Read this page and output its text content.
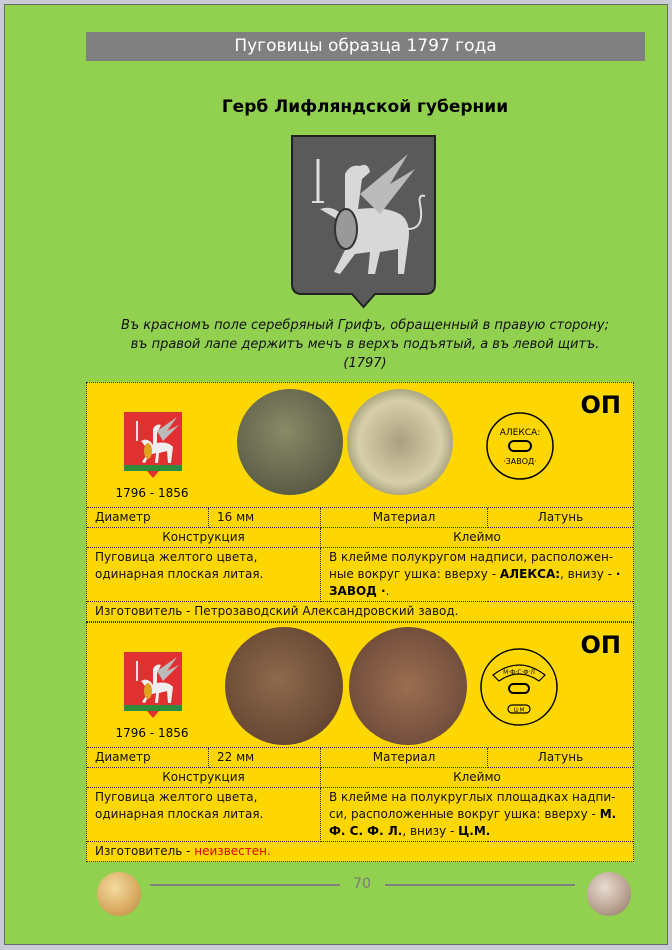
Пуговицы образца 1797 года
Герб Лифляндской губернии
Въ красномъ поле серебряный Грифъ, обращенный в правую сторону;
въ правой лапе держитъ мечъ в верхъ подъятый, а въ левой щитъ.
(1797)
1796 - 1856
АЛЕКСА:
·ЗАВОД·
ОП
Диаметр	16 мм	Материал	Латунь
Конструкция		Клеймо	
Пуговица желтого цвета, одинарная плоская литая.		В клейме полукругом надписи, расположен-ные вокруг ушка: вверху - АЛЕКСА:, внизу - · ЗАВОД ·.	
Изготовитель - Петрозаводский Александровский завод.			
1796 - 1856
М·Ф·С·Ф·Л
Ц·М
ОП
Диаметр	22 мм	Материал	Латунь
Конструкция		Клеймо	
Пуговица желтого цвета, одинарная плоская литая.		В клейме на полукруглых площадках надпи-си, расположенные вокруг ушка: вверху - М. Ф. С. Ф. Л., внизу - Ц.М.	
Изготовитель - неизвестен.			
70
